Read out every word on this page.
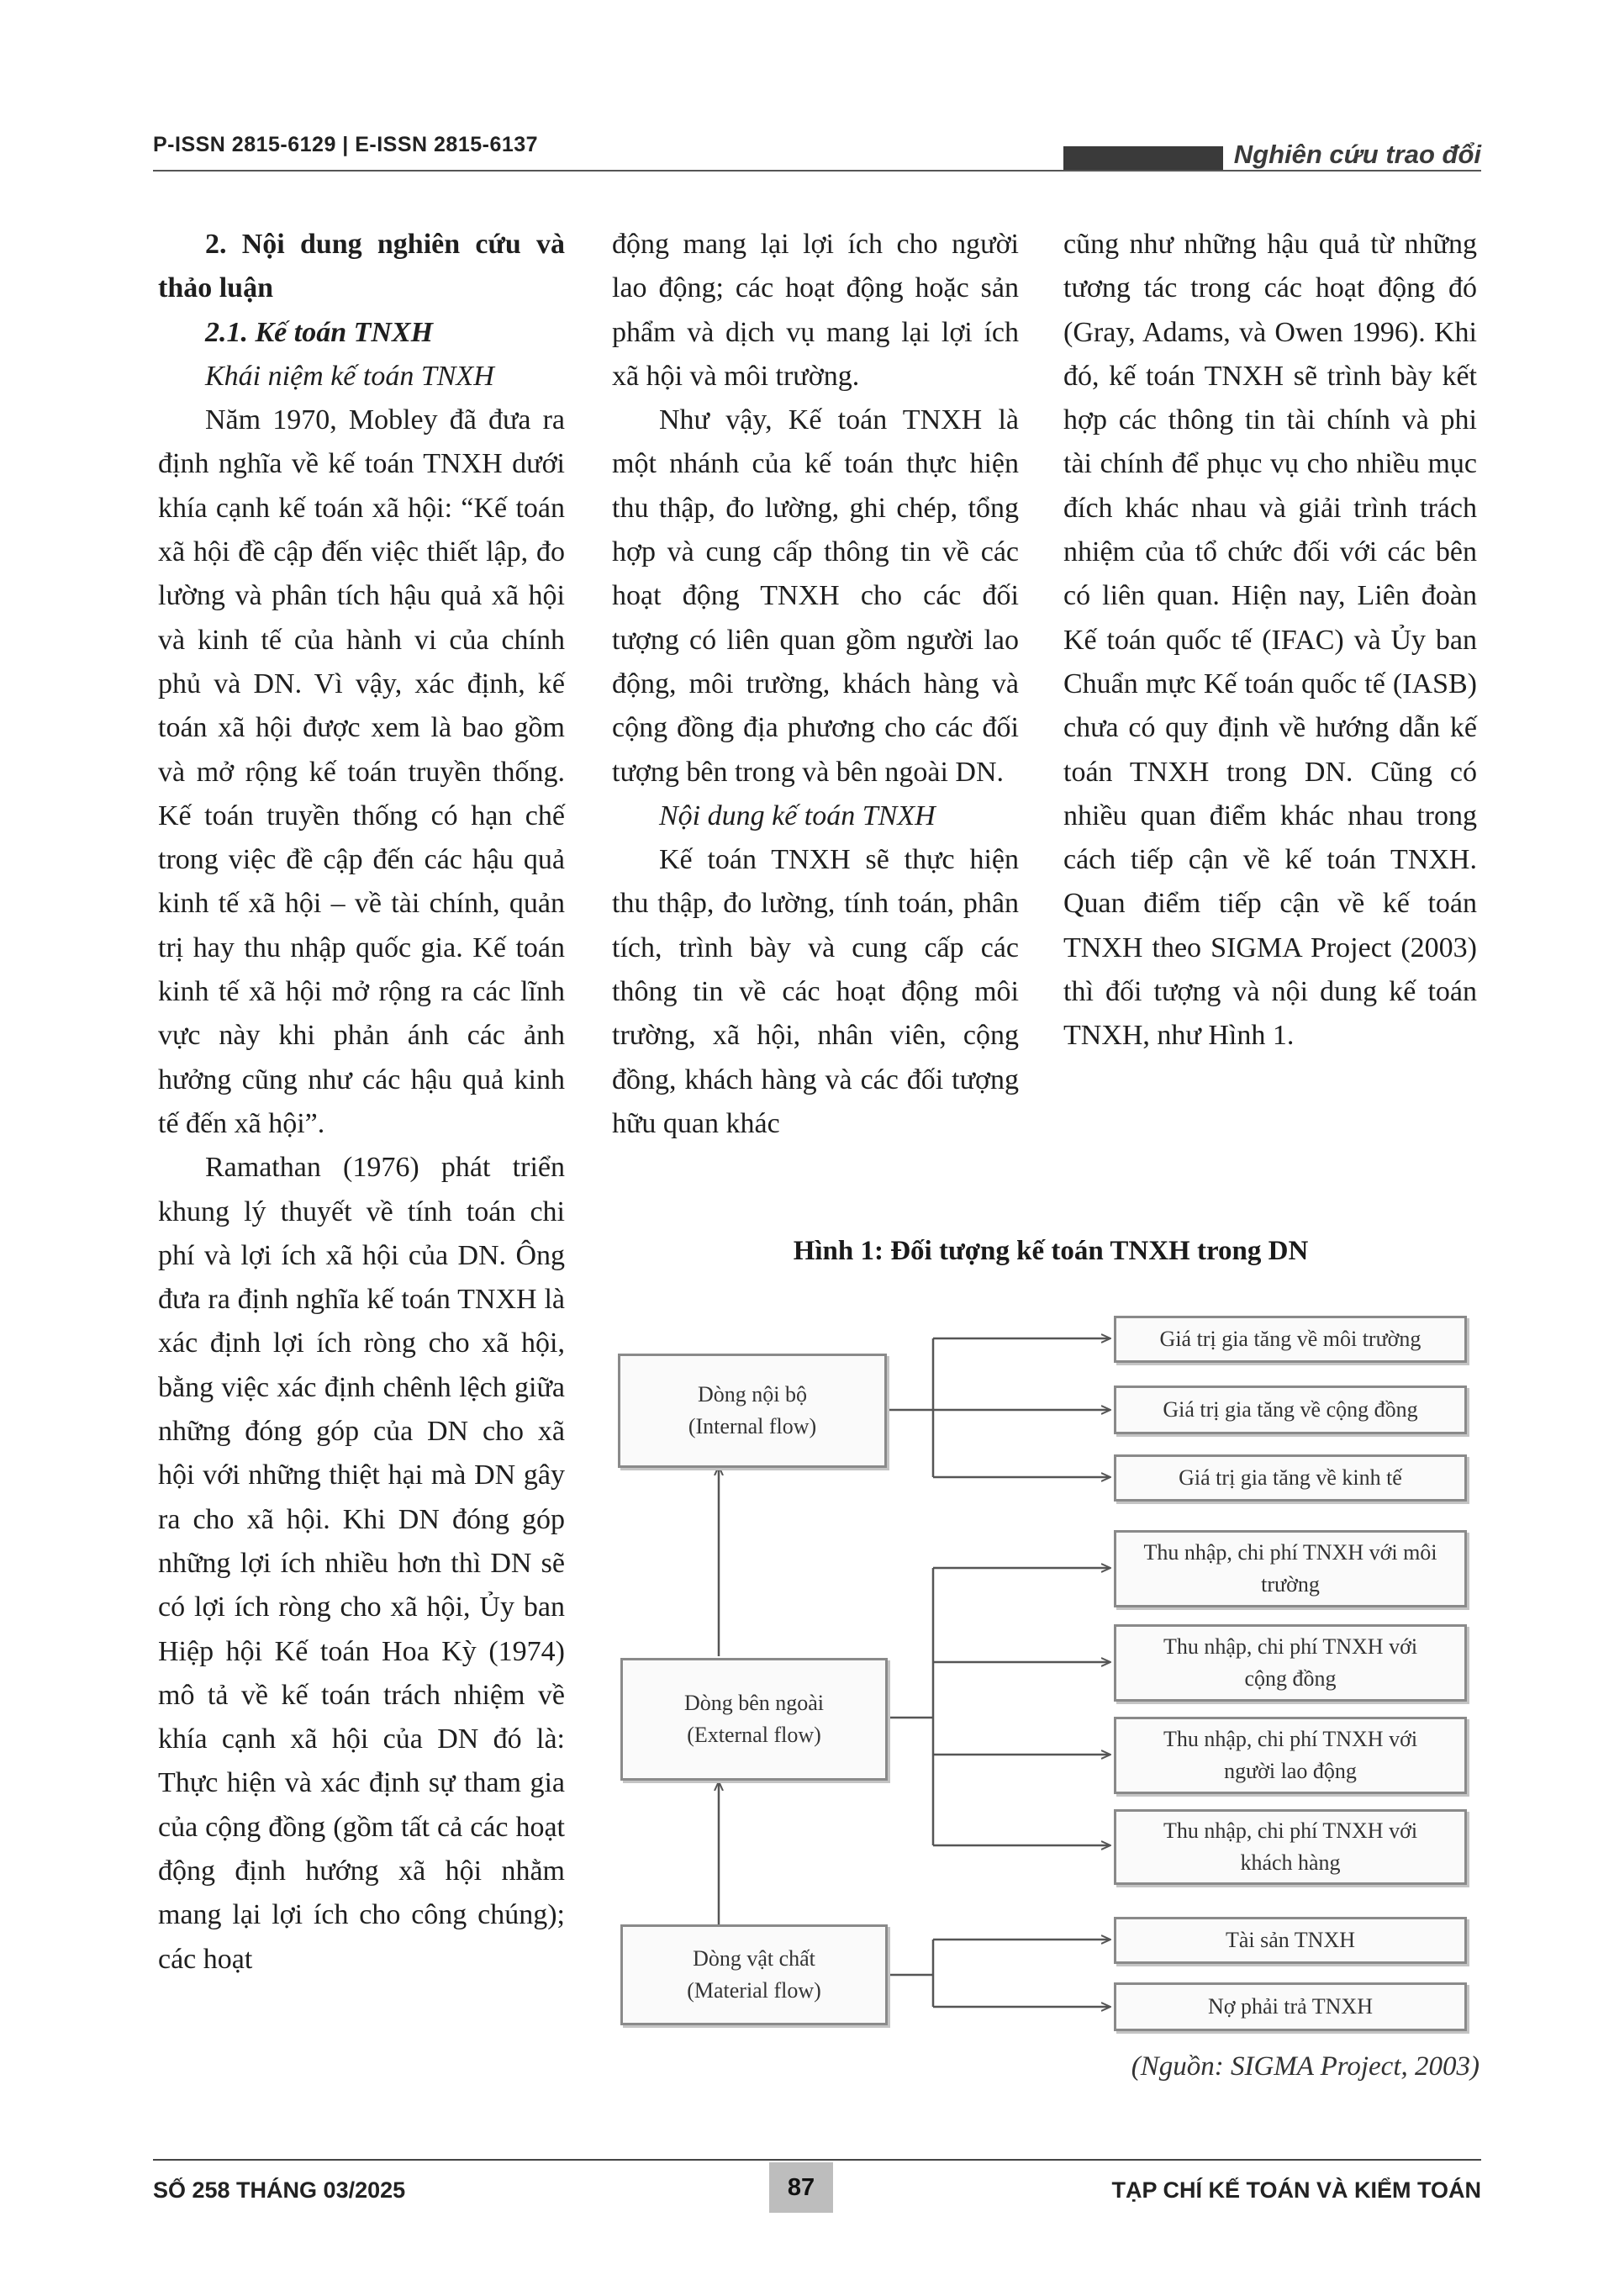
P-ISSN 2815-6129 | E-ISSN 2815-6137	Nghiên cứu trao đổi

2. Nội dung nghiên cứu và thảo luận

2.1. Kế toán TNXH

Khái niệm kế toán TNXH

Năm 1970, Mobley đã đưa ra định nghĩa về kế toán TNXH dưới khía cạnh kế toán xã hội: “Kế toán xã hội đề cập đến việc thiết lập, đo lường và phân tích hậu quả xã hội và kinh tế của hành vi của chính phủ và DN. Vì vậy, xác định, kế toán xã hội được xem là bao gồm và mở rộng kế toán truyền thống. Kế toán truyền thống có hạn chế trong việc đề cập đến các hậu quả kinh tế xã hội – về tài chính, quản trị hay thu nhập quốc gia. Kế toán kinh tế xã hội mở rộng ra các lĩnh vực này khi phản ánh các ảnh hưởng cũng như các hậu quả kinh tế đến xã hội”.

Ramathan (1976) phát triển khung lý thuyết về tính toán chi phí và lợi ích xã hội của DN. Ông đưa ra định nghĩa kế toán TNXH là xác định lợi ích ròng cho xã hội, bằng việc xác định chênh lệch giữa những đóng góp của DN cho xã hội với những thiệt hại mà DN gây ra cho xã hội. Khi DN đóng góp những lợi ích nhiều hơn thì DN sẽ có lợi ích ròng cho xã hội, Ủy ban Hiệp hội Kế toán Hoa Kỳ (1974) mô tả về kế toán trách nhiệm về khía cạnh xã hội của DN đó là: Thực hiện và xác định sự tham gia của cộng đồng (gồm tất cả các hoạt động định hướng xã hội nhằm mang lại lợi ích cho công chúng); các hoạt

động mang lại lợi ích cho người lao động; các hoạt động hoặc sản phẩm và dịch vụ mang lại lợi ích xã hội và môi trường.

Như vậy, Kế toán TNXH là một nhánh của kế toán thực hiện thu thập, đo lường, ghi chép, tổng hợp và cung cấp thông tin về các hoạt động TNXH cho các đối tượng có liên quan gồm người lao động, môi trường, khách hàng và cộng đồng địa phương cho các đối tượng bên trong và bên ngoài DN.

Nội dung kế toán TNXH

Kế toán TNXH sẽ thực hiện thu thập, đo lường, tính toán, phân tích, trình bày và cung cấp các thông tin về các hoạt động môi trường, xã hội, nhân viên, cộng đồng, khách hàng và các đối tượng hữu quan khác

cũng như những hậu quả từ những tương tác trong các hoạt động đó (Gray, Adams, và Owen 1996). Khi đó, kế toán TNXH sẽ trình bày kết hợp các thông tin tài chính và phi tài chính để phục vụ cho nhiều mục đích khác nhau và giải trình trách nhiệm của tổ chức đối với các bên có liên quan. Hiện nay, Liên đoàn Kế toán quốc tế (IFAC) và Ủy ban Chuẩn mực Kế toán quốc tế (IASB) chưa có quy định về hướng dẫn kế toán TNXH trong DN. Cũng có nhiều quan điểm khác nhau trong cách tiếp cận về kế toán TNXH. Quan điểm tiếp cận về kế toán TNXH theo SIGMA Project (2003) thì đối tượng và nội dung kế toán TNXH, như Hình 1.

Hình 1: Đối tượng kế toán TNXH trong DN
Dòng nội bộ
(Internal flow)
Dòng bên ngoài
(External flow)
Dòng vật chất
(Material flow)
Giá trị gia tăng về môi trường
Giá trị gia tăng về cộng đồng
Giá trị gia tăng về kinh tế
Thu nhập, chi phí TNXH với môi trường
Thu nhập, chi phí TNXH với cộng đồng
Thu nhập, chi phí TNXH với người lao động
Thu nhập, chi phí TNXH với khách hàng
Tài sản TNXH
Nợ phải trả TNXH
(Nguồn: SIGMA Project, 2003)
SỐ 258 THÁNG 03/2025	87	TẠP CHÍ KẾ TOÁN VÀ KIỂM TOÁN
